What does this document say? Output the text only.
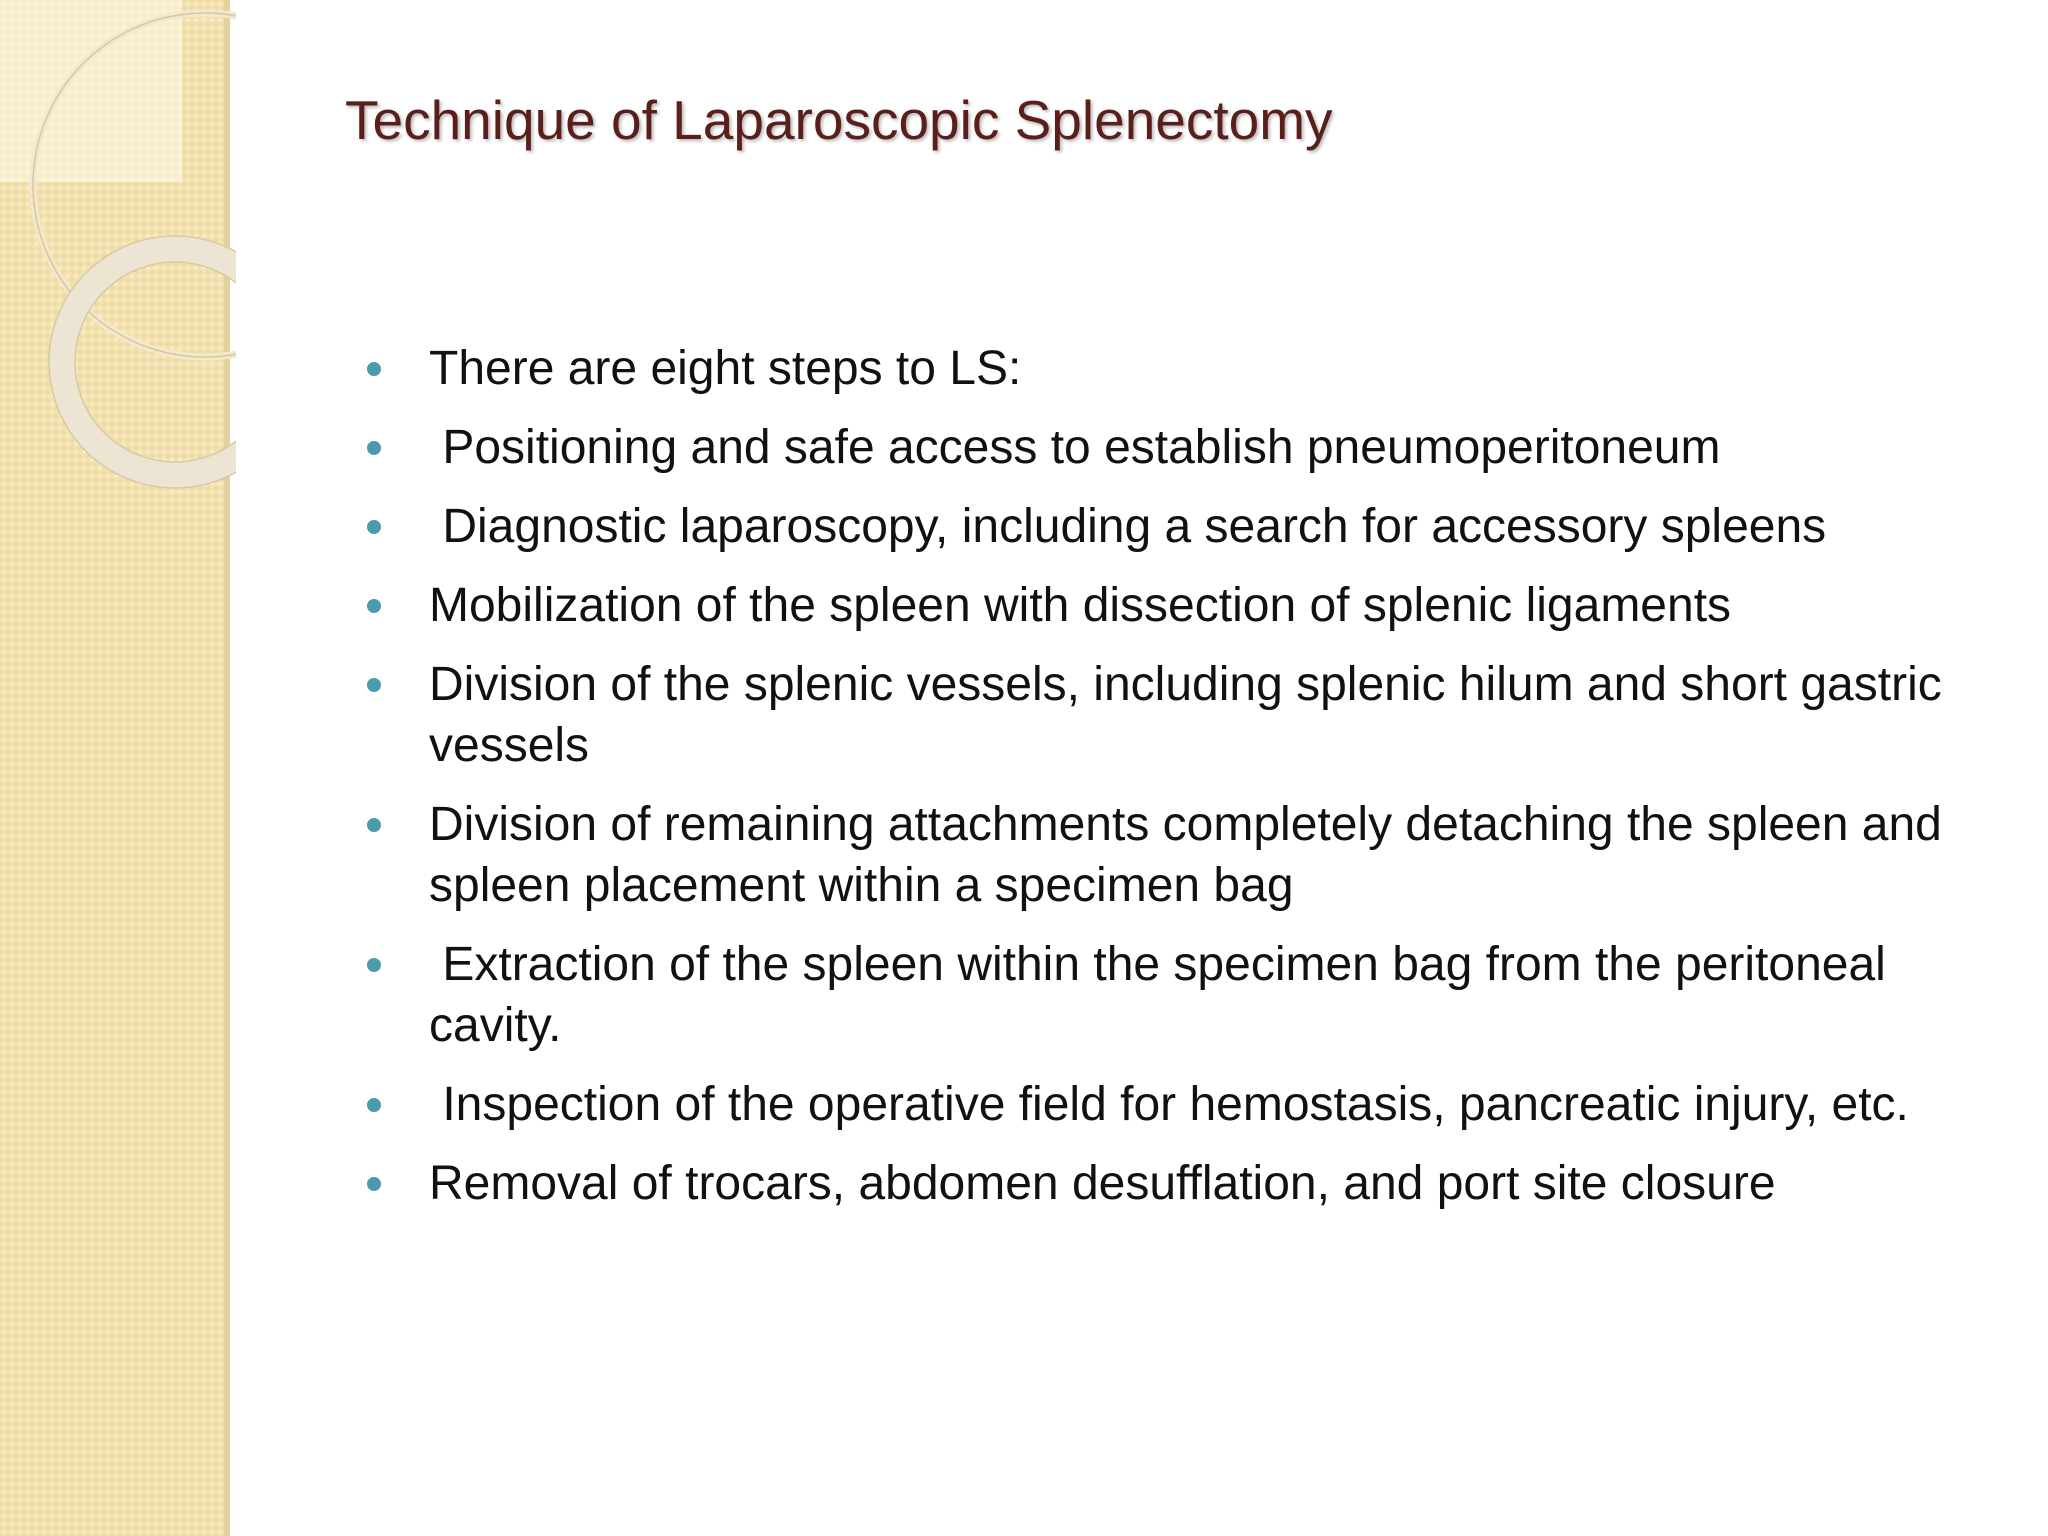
Technique of Laparoscopic Splenectomy
There are eight steps to LS:
Positioning and safe access to establish pneumoperitoneum
Diagnostic laparoscopy, including a search for accessory spleens
Mobilization of the spleen with dissection of splenic ligaments
Division of the splenic vessels, including splenic hilum and short gastric vessels
Division of remaining attachments completely detaching the spleen and spleen placement within a specimen bag
Extraction of the spleen within the specimen bag from the peritoneal cavity.
Inspection of the operative field for hemostasis, pancreatic injury, etc.
Removal of trocars, abdomen desufflation, and port site closure
